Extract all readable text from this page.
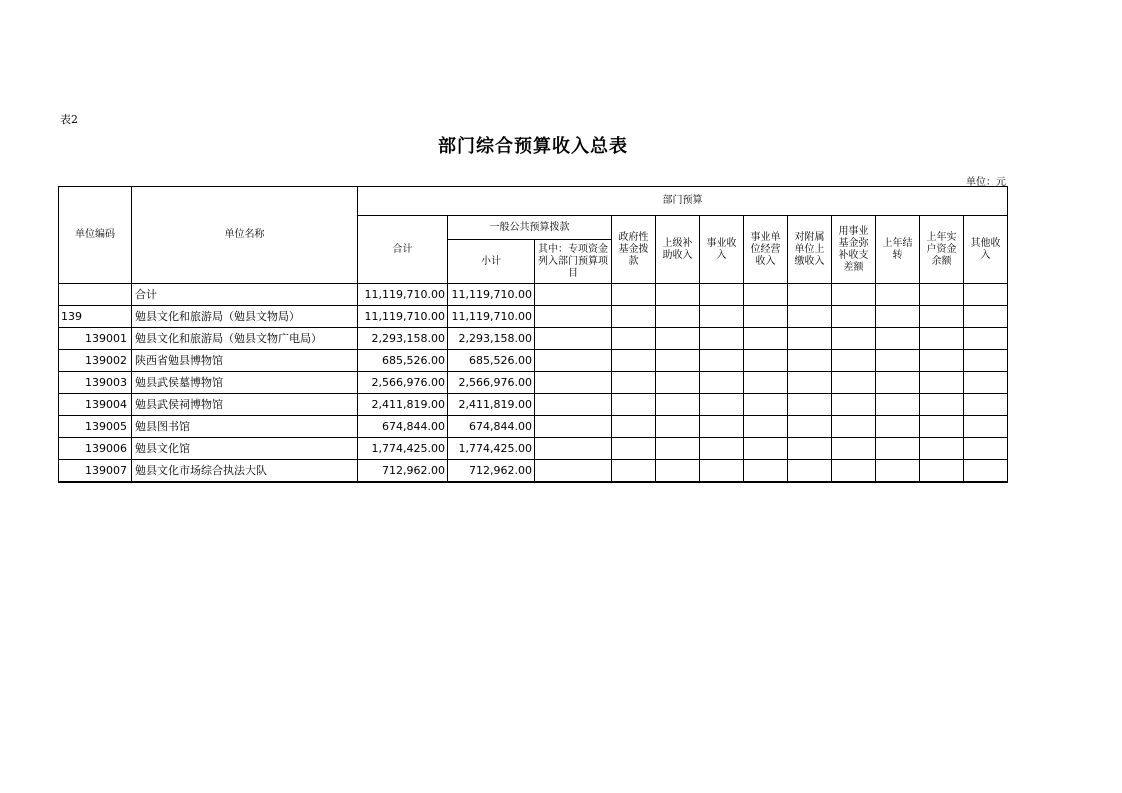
表2
部门综合预算收入总表
单位：元
单位编码	单位名称	部门预算											
		合计	一般公共预算拨款		政府性基金拨款	上级补助收入	事业收入	事业单位经营收入	对附属单位上缴收入	用事业基金弥补收支差额	上年结转	上年实户资金余额	其他收入
			小计	其中：专项资金列入部门预算项目									
	合计	11,119,710.00	11,119,710.00										
139	勉县文化和旅游局（勉县文物局）	11,119,710.00	11,119,710.00										
139001	勉县文化和旅游局（勉县文物广电局）	2,293,158.00	2,293,158.00										
139002	陕西省勉县博物馆	685,526.00	685,526.00										
139003	勉县武侯墓博物馆	2,566,976.00	2,566,976.00										
139004	勉县武侯祠博物馆	2,411,819.00	2,411,819.00										
139005	勉县图书馆	674,844.00	674,844.00										
139006	勉县文化馆	1,774,425.00	1,774,425.00										
139007	勉县文化市场综合执法大队	712,962.00	712,962.00										
